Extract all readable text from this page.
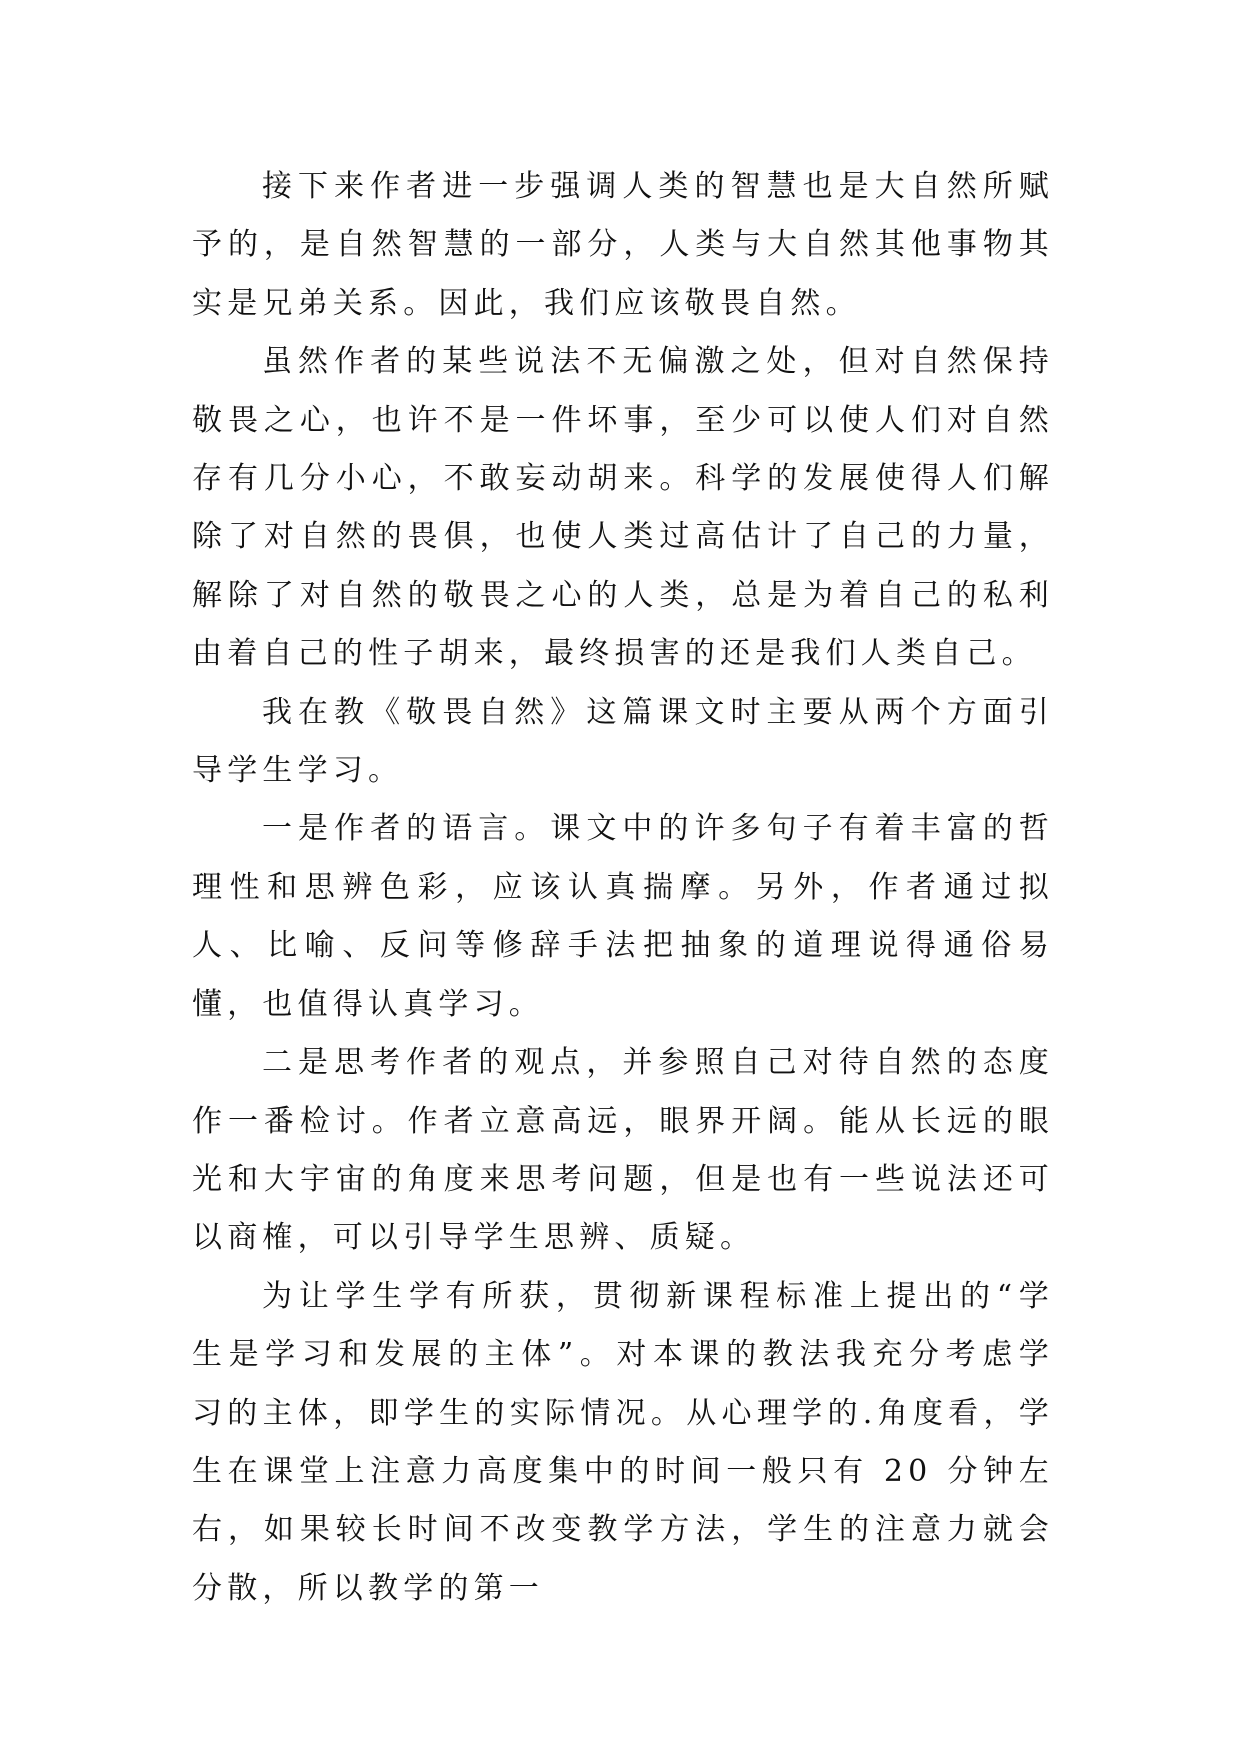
接下来作者进一步强调人类的智慧也是大自然所赋予的，是自然智慧的一部分，人类与大自然其他事物其实是兄弟关系。因此，我们应该敬畏自然。

虽然作者的某些说法不无偏激之处，但对自然保持敬畏之心，也许不是一件坏事，至少可以使人们对自然存有几分小心，不敢妄动胡来。科学的发展使得人们解除了对自然的畏俱，也使人类过高估计了自己的力量，解除了对自然的敬畏之心的人类，总是为着自己的私利由着自己的性子胡来，最终损害的还是我们人类自己。

我在教《敬畏自然》这篇课文时主要从两个方面引导学生学习。

一是作者的语言。课文中的许多句子有着丰富的哲理性和思辨色彩，应该认真揣摩。另外，作者通过拟人、比喻、反问等修辞手法把抽象的道理说得通俗易懂，也值得认真学习。

二是思考作者的观点，并参照自己对待自然的态度作一番检讨。作者立意高远，眼界开阔。能从长远的眼光和大宇宙的角度来思考问题，但是也有一些说法还可以商榷，可以引导学生思辨、质疑。

为让学生学有所获，贯彻新课程标准上提出的“学生是学习和发展的主体”。对本课的教法我充分考虑学习的主体，即学生的实际情况。从心理学的.角度看，学生在课堂上注意力高度集中的时间一般只有 20 分钟左右，如果较长时间不改变教学方法，学生的注意力就会分散，所以教学的第一
